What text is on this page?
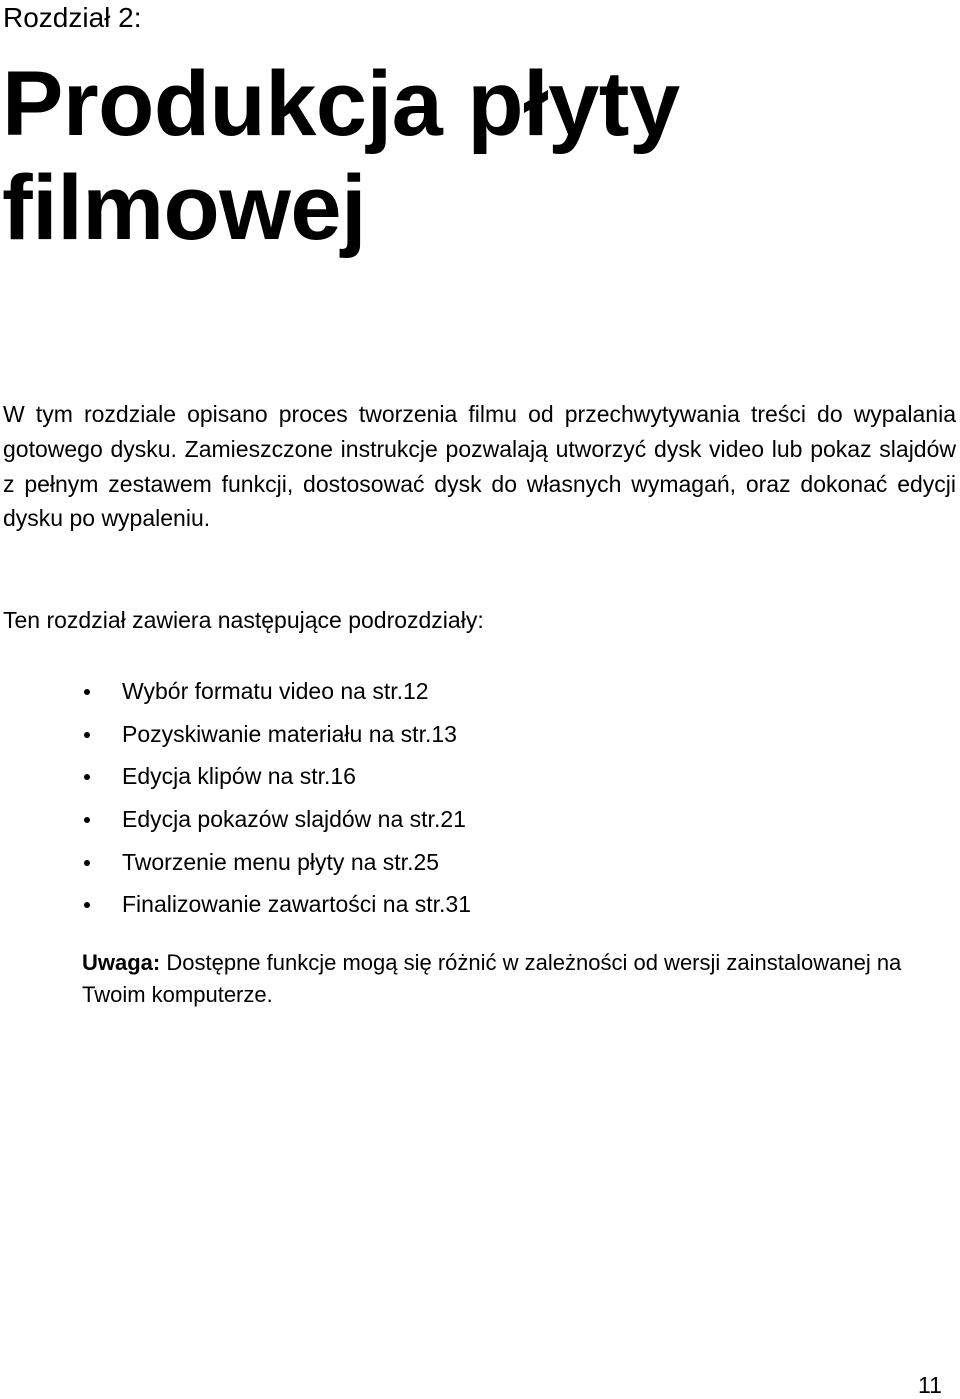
Rozdział 2:
Produkcja płyty
filmowej

W tym rozdziale opisano proces tworzenia filmu od przechwytywania treści do wypalania gotowego dysku. Zamieszczone instrukcje pozwalają utworzyć dysk video lub pokaz slajdów z pełnym zestawem funkcji, dostosować dysk do własnych wymagań, oraz dokonać edycji dysku po wypaleniu.

Ten rozdział zawiera następujące podrozdziały:

Wybór formatu video na str.12
Pozyskiwanie materiału na str.13
Edycja klipów na str.16
Edycja pokazów slajdów na str.21
Tworzenie menu płyty na str.25
Finalizowanie zawartości na str.31

Uwaga: Dostępne funkcje mogą się różnić w zależności od wersji zainstalowanej na Twoim komputerze.

11
